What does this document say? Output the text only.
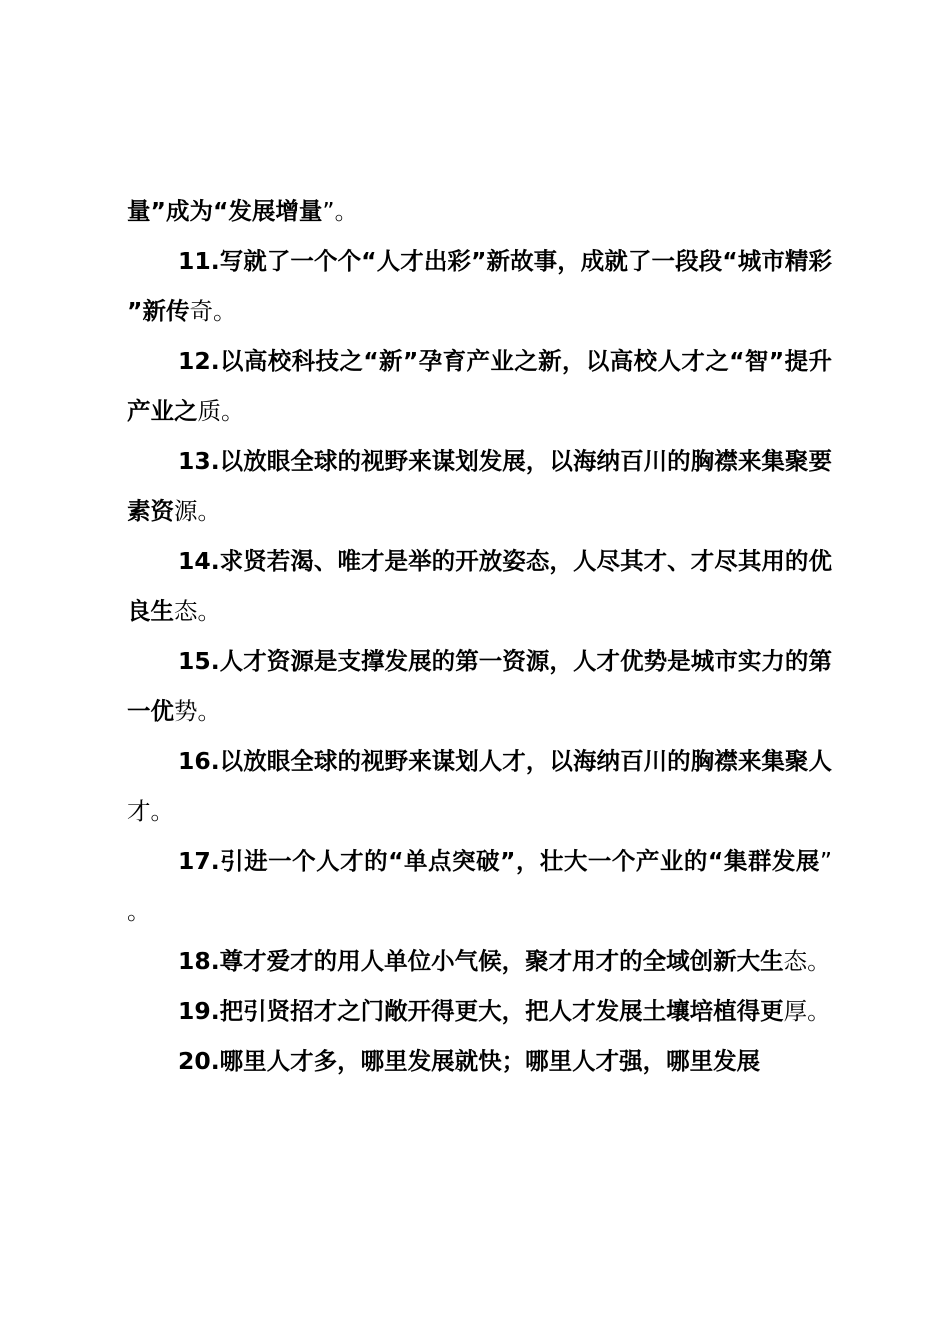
量”成为“发展增量”。

11.写就了一个个“人才出彩”新故事，成就了一段段“城市精彩”新传奇。

12.以高校科技之“新”孕育产业之新，以高校人才之“智”提升产业之质。

13.以放眼全球的视野来谋划发展，以海纳百川的胸襟来集聚要素资源。

14.求贤若渴、唯才是举的开放姿态，人尽其才、才尽其用的优良生态。

15.人才资源是支撑发展的第一资源，人才优势是城市实力的第一优势。

16.以放眼全球的视野来谋划人才，以海纳百川的胸襟来集聚人才。

17.引进一个人才的“单点突破”，壮大一个产业的“集群发展”。

18.尊才爱才的用人单位小气候，聚才用才的全域创新大生态。

19.把引贤招才之门敞开得更大，把人才发展土壤培植得更厚。

20.哪里人才多，哪里发展就快；哪里人才强，哪里发展
